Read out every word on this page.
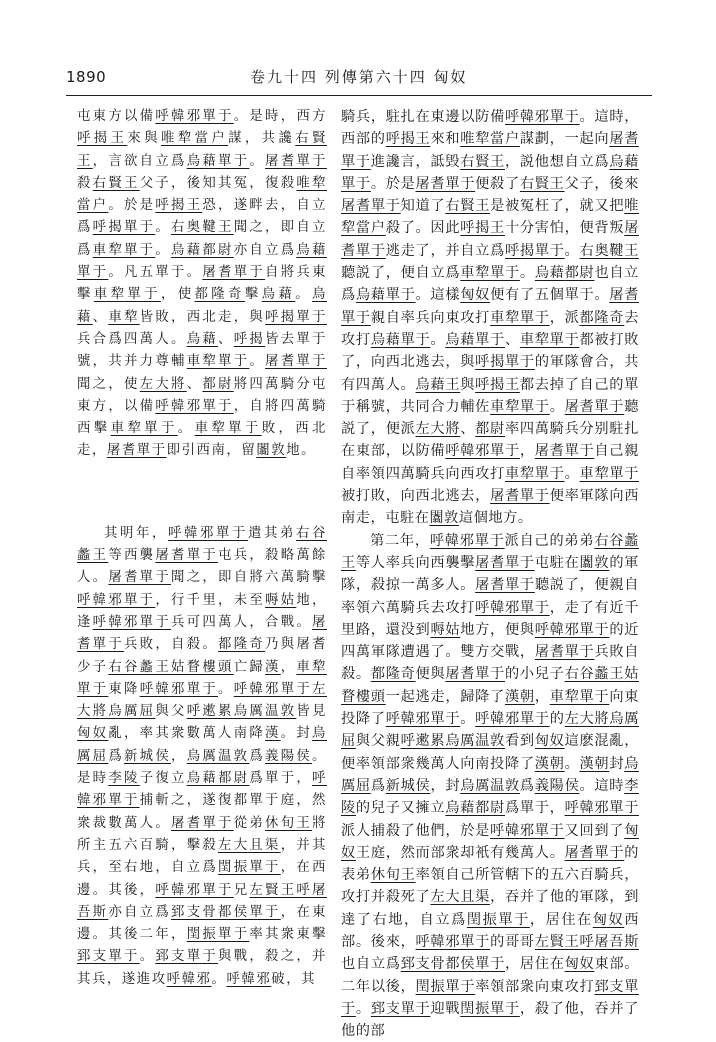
1890	卷九十四 列傳第六十四 匈奴

屯東方以備呼韓邪單于。是時，西方呼揭王來與唯犂當户謀，共讒右賢王，言欲自立爲烏藉單于。屠耆單于殺右賢王父子，後知其冤，復殺唯犂當户。於是呼揭王恐，遂畔去，自立爲呼揭單于。右奥鞬王聞之，即自立爲車犂單于。烏藉都尉亦自立爲烏藉單于。凡五單于。屠耆單于自將兵東擊車犂單于，使都隆奇擊烏藉。烏藉、車犂皆敗，西北走，與呼揭單于兵合爲四萬人。烏藉、呼揭皆去單于號，共并力尊輔車犂單于。屠耆單于聞之，使左大將、都尉將四萬騎分屯東方，以備呼韓邪單于，自將四萬騎西擊車犂單于。車犂單于敗，西北走，屠耆單于即引西南，留闟敦地。

其明年，呼韓邪單于遣其弟右谷蠡王等西襲屠耆單于屯兵，殺略萬餘人。屠耆單于聞之，即自將六萬騎擊呼韓邪單于，行千里，未至嗕姑地，逢呼韓邪單于兵可四萬人，合戰。屠耆單于兵敗，自殺。都隆奇乃與屠耆少子右谷蠡王姑瞀樓頭亡歸漢，車犂單于東降呼韓邪單于。呼韓邪單于左大將烏厲屈與父呼遬累烏厲温敦皆見匈奴亂，率其衆數萬人南降漢。封烏厲屈爲新城侯，烏厲温敦爲義陽侯。是時李陵子復立烏藉都尉爲單于，呼韓邪單于捕斬之，遂復都單于庭，然衆裁數萬人。屠耆單于從弟休旬王將所主五六百騎，擊殺左大且渠，并其兵，至右地，自立爲閏振單于，在西邊。其後，呼韓邪單于兄左賢王呼屠吾斯亦自立爲郅支骨都侯單于，在東邊。其後二年，閏振單于率其衆東擊郅支單于。郅支單于與戰，殺之，并其兵，遂進攻呼韓邪。呼韓邪破，其

騎兵，駐扎在東邊以防備呼韓邪單于。這時，西部的呼揭王來和唯犂當户謀劃，一起向屠耆單于進讒言，詆毁右賢王，説他想自立爲烏藉單于。於是屠耆單于便殺了右賢王父子，後來屠耆單于知道了右賢王是被冤枉了，就又把唯犂當户殺了。因此呼揭王十分害怕，便背叛屠耆單于逃走了，并自立爲呼揭單于。右奥鞬王聽説了，便自立爲車犂單于。烏藉都尉也自立爲烏藉單于。這樣匈奴便有了五個單于。屠耆單于親自率兵向東攻打車犂單于，派都隆奇去攻打烏藉單于。烏藉單于、車犂單于都被打敗了，向西北逃去，與呼揭單于的軍隊會合，共有四萬人。烏藉王與呼揭王都去掉了自己的單于稱號，共同合力輔佐車犂單于。屠耆單于聽説了，便派左大將、都尉率四萬騎兵分别駐扎在東部，以防備呼韓邪單于，屠耆單于自己親自率領四萬騎兵向西攻打車犂單于。車犂單于被打敗，向西北逃去，屠耆單于便率軍隊向西南走，屯駐在闟敦這個地方。

第二年，呼韓邪單于派自己的弟弟右谷蠡王等人率兵向西襲擊屠耆單于屯駐在闟敦的軍隊，殺掠一萬多人。屠耆單于聽説了，便親自率領六萬騎兵去攻打呼韓邪單于，走了有近千里路，還没到嗕姑地方，便與呼韓邪單于的近四萬軍隊遭遇了。雙方交戰，屠耆單于兵敗自殺。都隆奇便與屠耆單于的小兒子右谷蠡王姑瞀樓頭一起逃走，歸降了漢朝，車犂單于向東投降了呼韓邪單于。呼韓邪單于的左大將烏厲屈與父親呼遬累烏厲温敦看到匈奴這麽混亂，便率領部衆幾萬人向南投降了漢朝。漢朝封烏厲屈爲新城侯，封烏厲温敦爲義陽侯。這時李陵的兒子又擁立烏藉都尉爲單于，呼韓邪單于派人捕殺了他們，於是呼韓邪單于又回到了匈奴王庭，然而部衆却衹有幾萬人。屠耆單于的表弟休旬王率領自己所管轄下的五六百騎兵，攻打并殺死了左大且渠，吞并了他的軍隊，到達了右地，自立爲閏振單于，居住在匈奴西部。後來，呼韓邪單于的哥哥左賢王呼屠吾斯也自立爲郅支骨都侯單于，居住在匈奴東部。二年以後，閏振單于率領部衆向東攻打郅支單于。郅支單于迎戰閏振單于，殺了他，吞并了他的部
